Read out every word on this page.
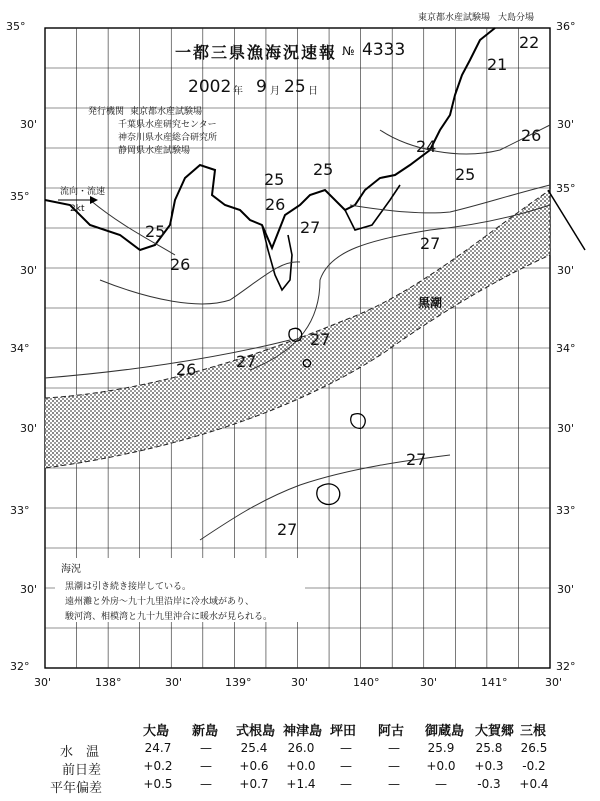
東京都水産試験場 大島分場
一都三県漁海況速報 № 4333
2002 年 9 月 25 日
発行機関 東京都水産試験場
千葉県水産研究センター
神奈川県水産総合研究所
静岡県水産試験場
流向・流速
2kt
黒潮
21
22
26
24
25
25
26
25	27
26
25
27
27
26
27
27
27
35°
30'
35°
30'
34°
30'
33°
30'
32°
36°
30'
35°
30'
34°
30'
33°
30'
32°
30'	138°	30'	139°	30'	140°	30'	141°	30'
海況
黒潮は引き続き接岸している。
遠州灘と外房〜九十九里沿岸に冷水域があり、
駿河湾、相模湾と九十九里沖合に暖水が見られる。
大島 新島 式根島 神津島 坪田 阿古 御蔵島 大賀郷 三根
水　温
前日差
平年偏差
24.7	—	25.4	26.0	—	—	25.9	25.8	26.5
+0.2	—	+0.6	+0.0	—	—	+0.0	+0.3	-0.2
+0.5	—	+0.7	+1.4	—	—	—	-0.3	+0.4
